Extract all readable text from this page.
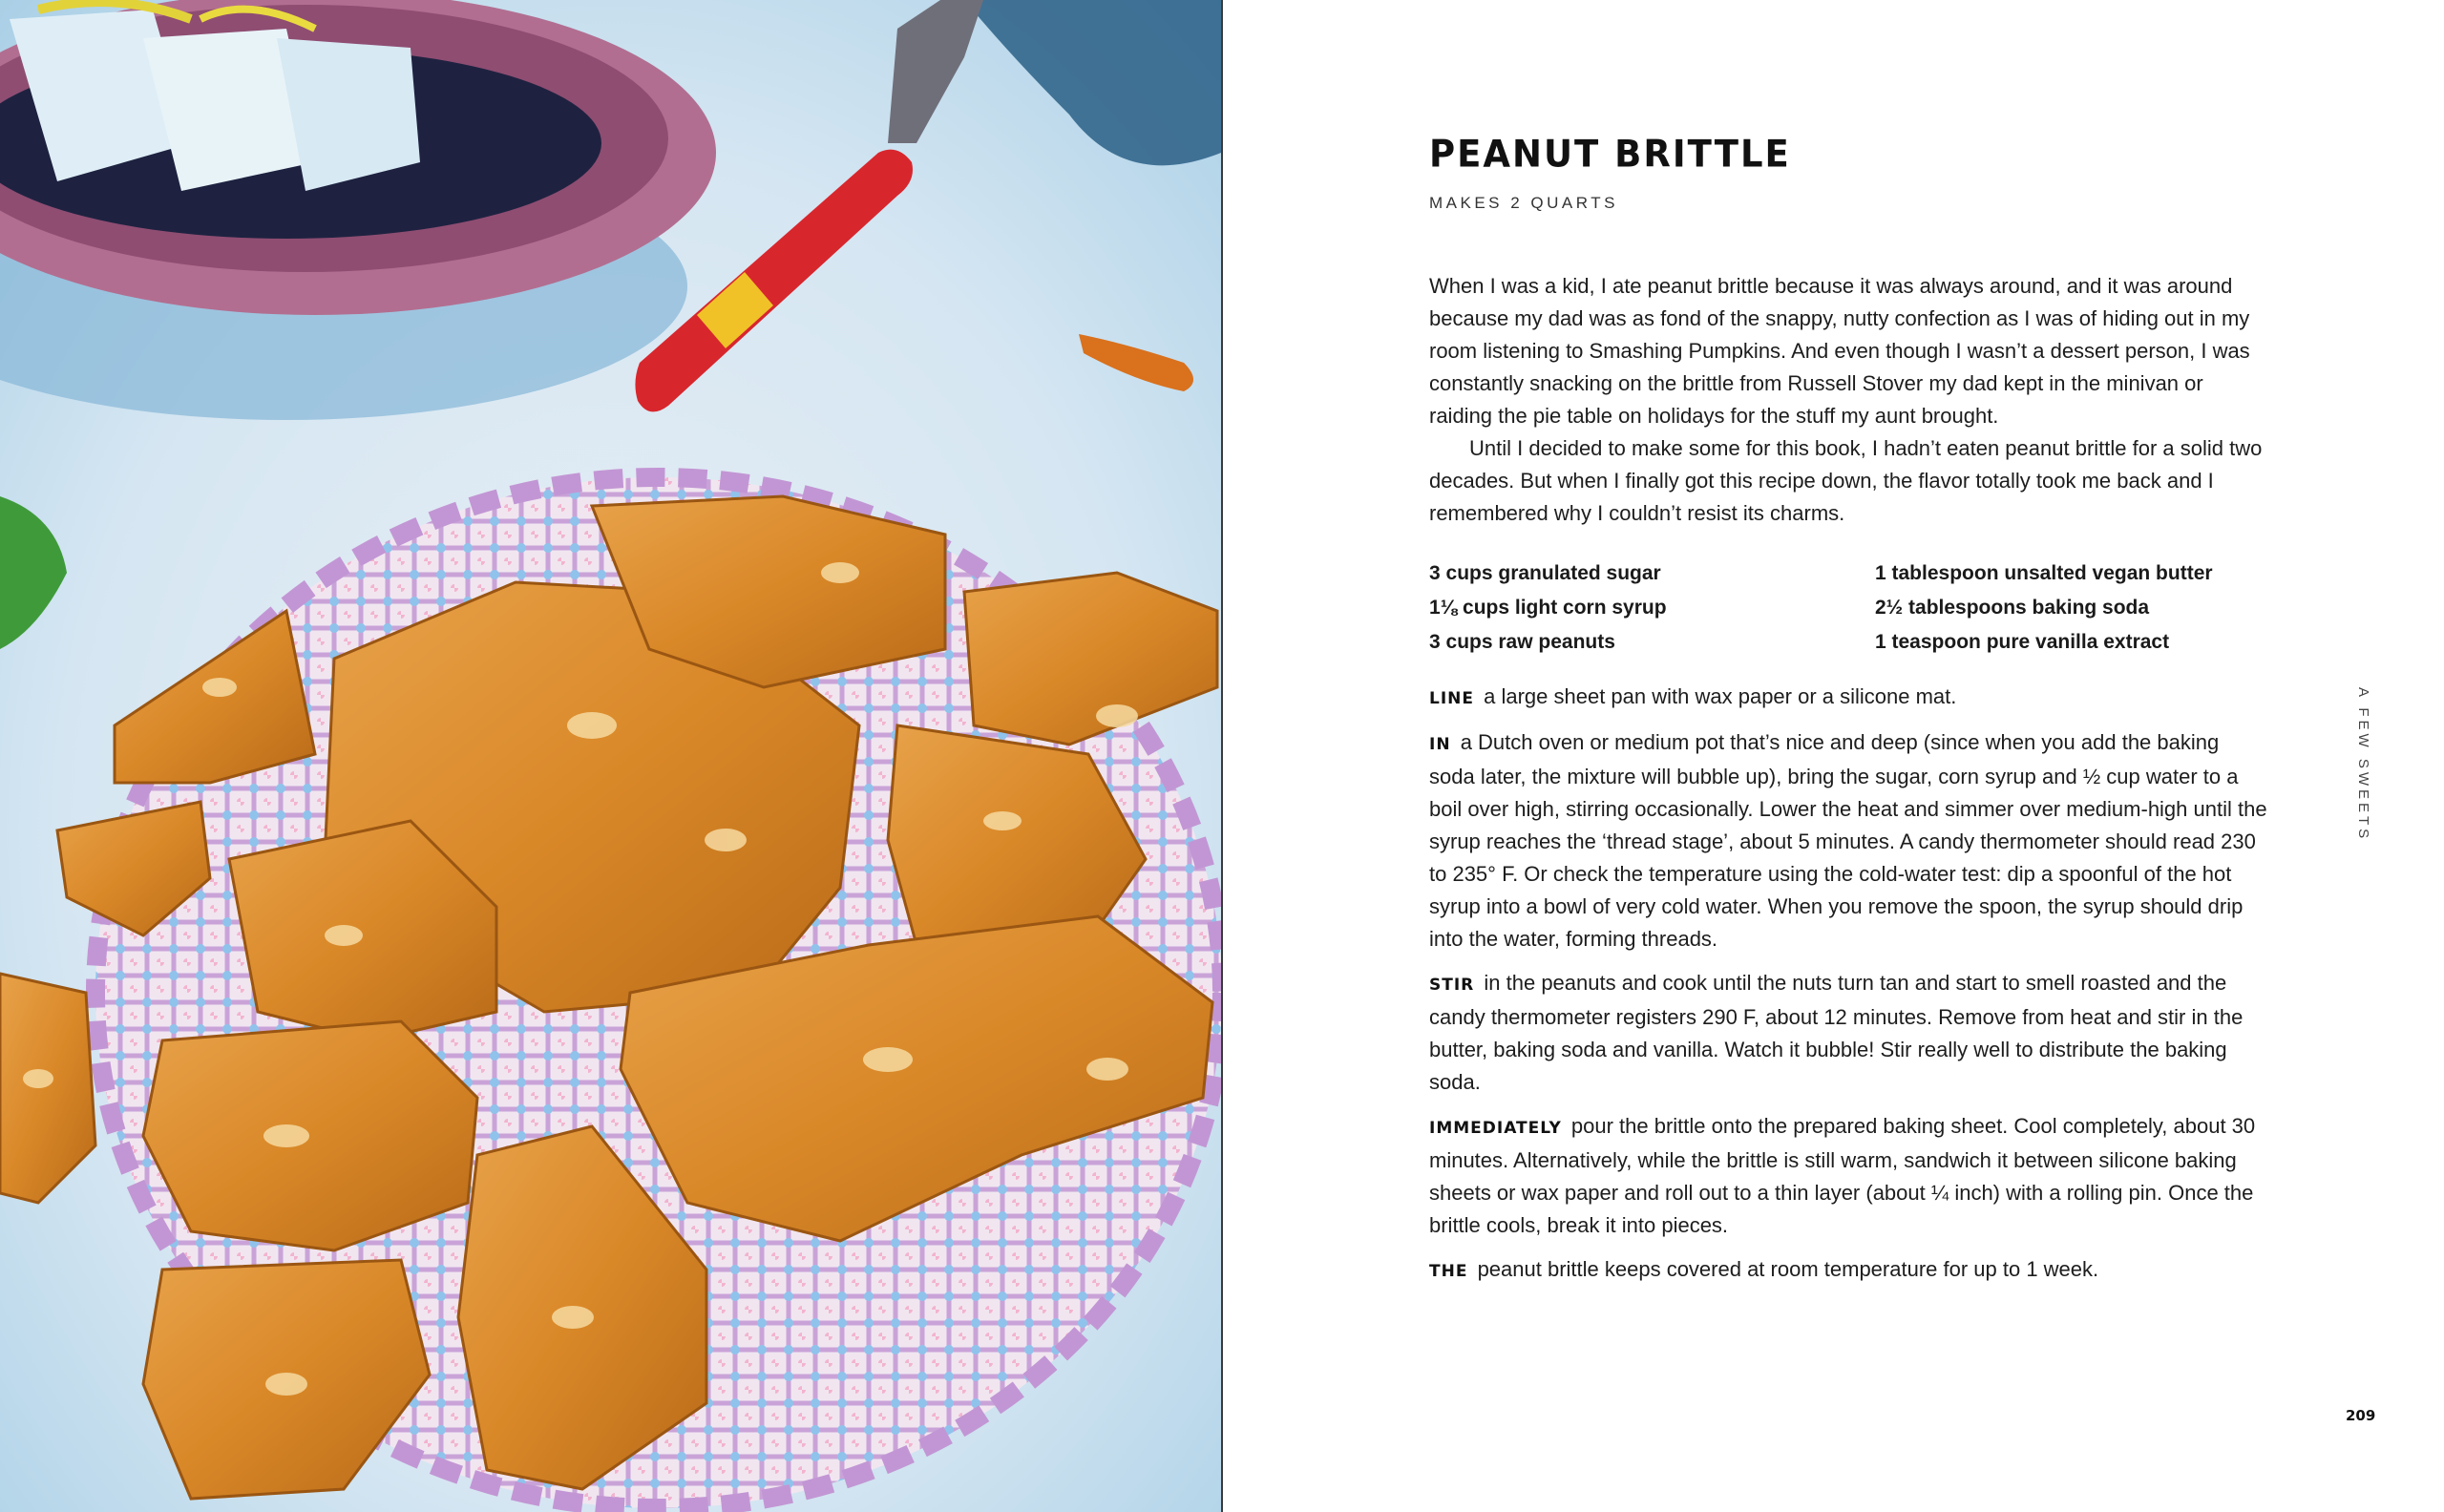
PEANUT BRITTLE
MAKES 2 QUARTS

When I was a kid, I ate peanut brittle because it was always around, and it was around because my dad was as fond of the snappy, nutty confection as I was of hiding out in my room listening to Smashing Pumpkins. And even though I wasn’t a dessert person, I was constantly snacking on the brittle from Russell Stover my dad kept in the minivan or raiding the pie table on holidays for the stuff my aunt brought.

Until I decided to make some for this book, I hadn’t eaten peanut brittle for a solid two decades. But when I finally got this recipe down, the flavor totally took me back and I remembered why I couldn’t resist its charms.

3 cups granulated sugar	1 tablespoon unsalted vegan butter
1⅛ cups light corn syrup	2½ tablespoons baking soda
3 cups raw peanuts	1 teaspoon pure vanilla extract

LINE a large sheet pan with wax paper or a silicone mat.

IN a Dutch oven or medium pot that’s nice and deep (since when you add the baking soda later, the mixture will bubble up), bring the sugar, corn syrup and ½ cup water to a boil over high, stirring occasionally. Lower the heat and simmer over medium-high until the syrup reaches the ‘thread stage’, about 5 minutes. A candy thermometer should read 230 to 235° F. Or check the temperature using the cold-water test: dip a spoonful of the hot syrup into a bowl of very cold water. When you remove the spoon, the syrup should drip into the water, forming threads.

STIR in the peanuts and cook until the nuts turn tan and start to smell roasted and the candy thermometer registers 290 F, about 12 minutes. Remove from heat and stir in the butter, baking soda and vanilla. Watch it bubble! Stir really well to distribute the baking soda.

IMMEDIATELY pour the brittle onto the prepared baking sheet. Cool completely, about 30 minutes. Alternatively, while the brittle is still warm, sandwich it between silicone baking sheets or wax paper and roll out to a thin layer (about ¼ inch) with a rolling pin. Once the brittle cools, break it into pieces.

THE peanut brittle keeps covered at room temperature for up to 1 week.

A FEW SWEETS
209
